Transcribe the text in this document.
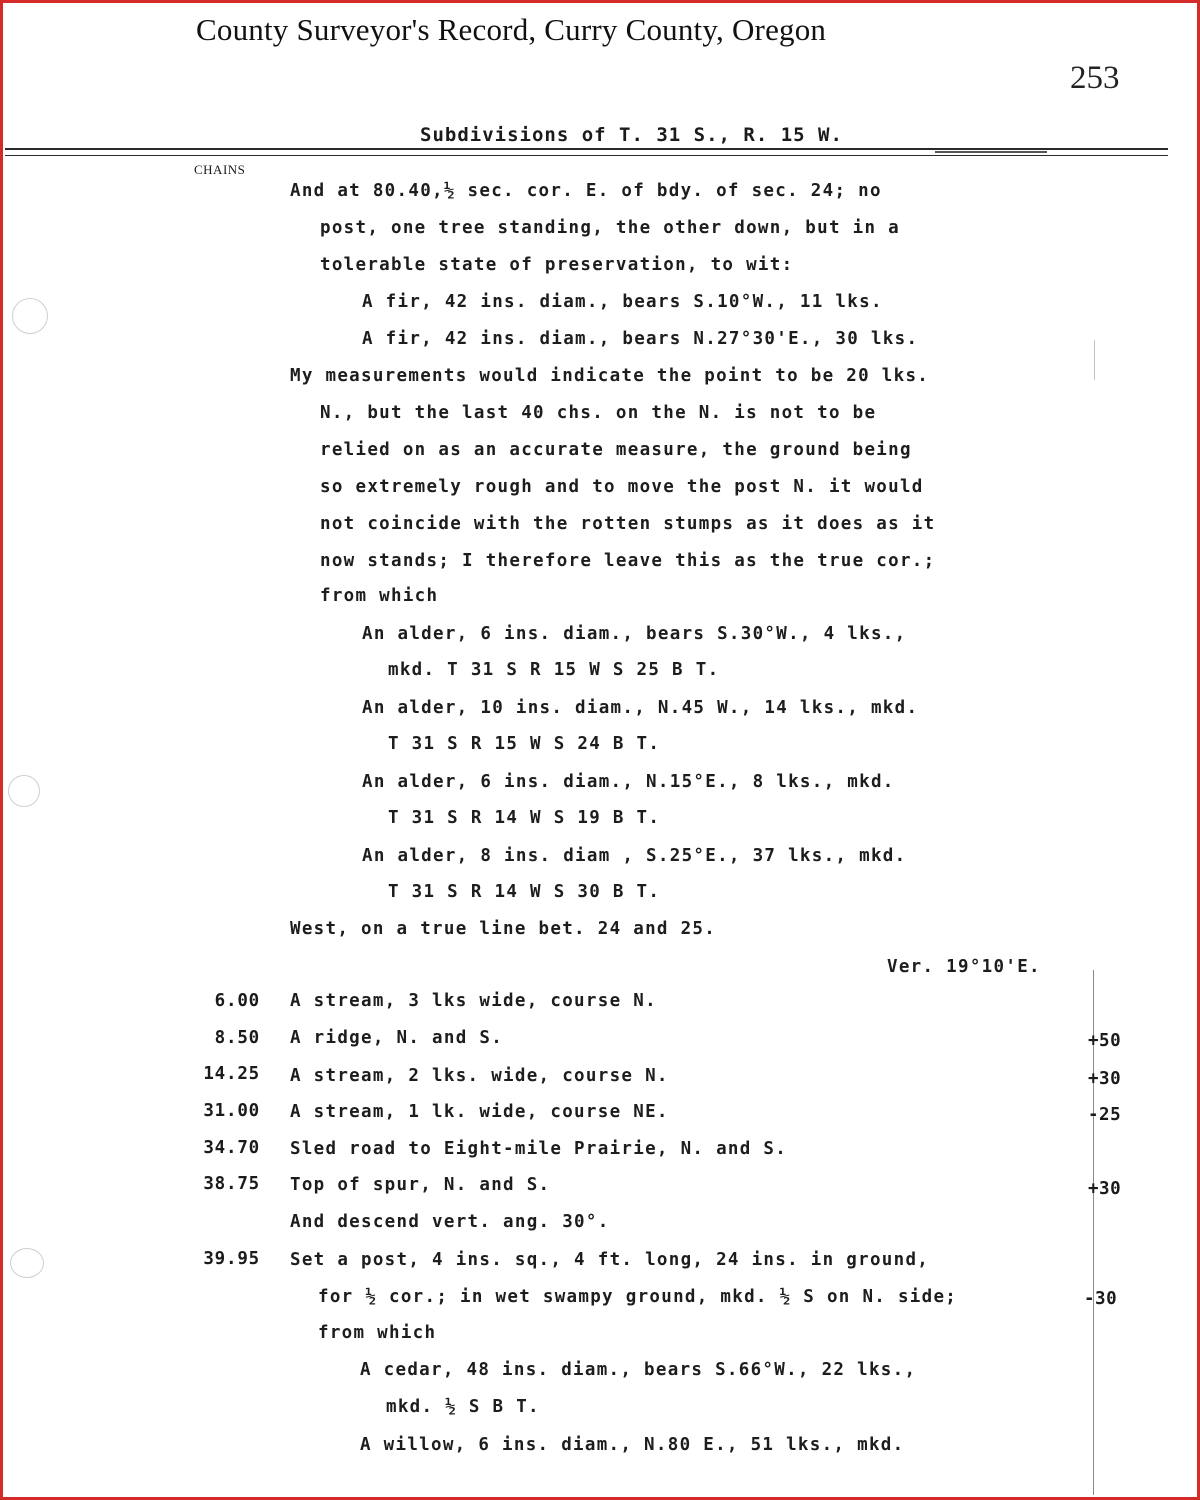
County Surveyor's Record, Curry County, Oregon
253
Subdivisions of T. 31 S., R. 15 W.
CHAINS
And at 80.40,½ sec. cor. E. of bdy. of sec. 24; no
post, one tree standing, the other down, but in a
tolerable state of preservation, to wit:
A fir, 42 ins. diam., bears S.10°W., 11 lks.
A fir, 42 ins. diam., bears N.27°30'E., 30 lks.
My measurements would indicate the point to be 20 lks.
N., but the last 40 chs. on the N. is not to be
relied on as an accurate measure, the ground being
so extremely rough and to move the post N. it would
not coincide with the rotten stumps as it does as it
now stands; I therefore leave this as the true cor.;
from which
An alder, 6 ins. diam., bears S.30°W., 4 lks.,
mkd. T 31 S R 15 W S 25 B T.
An alder, 10 ins. diam., N.45 W., 14 lks., mkd.
T 31 S R 15 W S 24 B T.
An alder, 6 ins. diam., N.15°E., 8 lks., mkd.
T 31 S R 14 W S 19 B T.
An alder, 8 ins. diam , S.25°E., 37 lks., mkd.
T 31 S R 14 W S 30 B T.
West, on a true line bet. 24 and 25.
Ver. 19°10'E.
A stream, 3 lks wide, course N.
A ridge, N. and S.
A stream, 2 lks. wide, course N.
A stream, 1 lk. wide, course NE.
Sled road to Eight-mile Prairie, N. and S.
Top of spur, N. and S.
And descend vert. ang. 30°.
Set a post, 4 ins. sq., 4 ft. long, 24 ins. in ground,
for ½ cor.; in wet swampy ground, mkd. ½ S on N. side;
from which
A cedar, 48 ins. diam., bears S.66°W., 22 lks.,
mkd. ½ S B T.
A willow, 6 ins. diam., N.80 E., 51 lks., mkd.
6.00
8.50
14.25
31.00
34.70
38.75
39.95
+50
+30
-25
+30
-30
